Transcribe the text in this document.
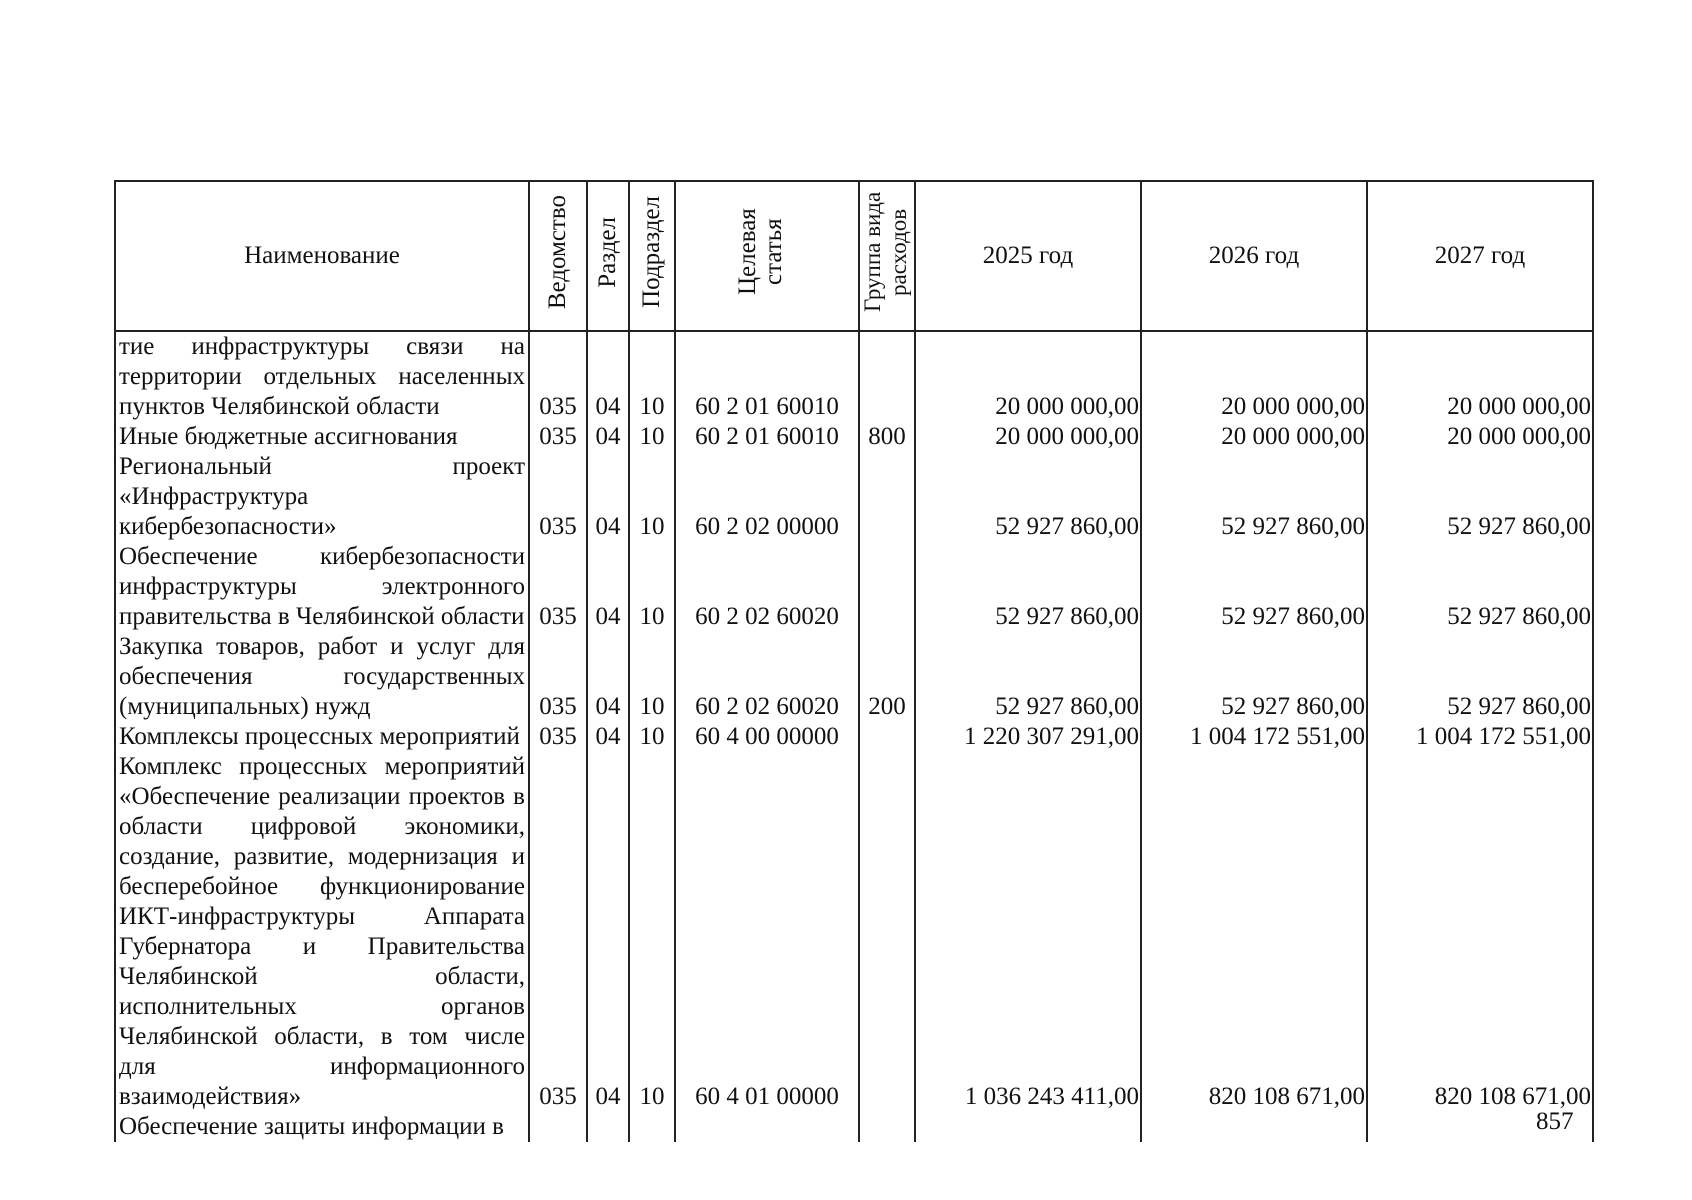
Наименование	Ведомство	Раздел	Подраздел	Целевая статья	Группа вида расходов	2025 год	2026 год	2027 год
тие инфраструктуры связи на территории отдельных населенных пунктов Челябинской области	035	04	10	60 2 01 60010		20 000 000,00	20 000 000,00	20 000 000,00
Иные бюджетные ассигнования	035	04	10	60 2 01 60010	800	20 000 000,00	20 000 000,00	20 000 000,00
Региональный проект «Инфраструктура кибербезопасности»	035	04	10	60 2 02 00000		52 927 860,00	52 927 860,00	52 927 860,00
Обеспечение кибербезопасности инфраструктуры электронного правительства в Челябинской области	035	04	10	60 2 02 60020		52 927 860,00	52 927 860,00	52 927 860,00
Закупка товаров, работ и услуг для обеспечения государственных (муниципальных) нужд	035	04	10	60 2 02 60020	200	52 927 860,00	52 927 860,00	52 927 860,00
Комплексы процессных мероприятий	035	04	10	60 4 00 00000		1 220 307 291,00	1 004 172 551,00	1 004 172 551,00
Комплекс процессных мероприятий «Обеспечение реализации проектов в области цифровой экономики, создание, развитие, модернизация и бесперебойное функционирование ИКТ-инфраструктуры Аппарата Губернатора и Правительства Челябинской области, исполнительных органов Челябинской области, в том числе для информационного взаимодействия»	035	04	10	60 4 01 00000		1 036 243 411,00	820 108 671,00	820 108 671,00
Обеспечение защиты информации в									857
